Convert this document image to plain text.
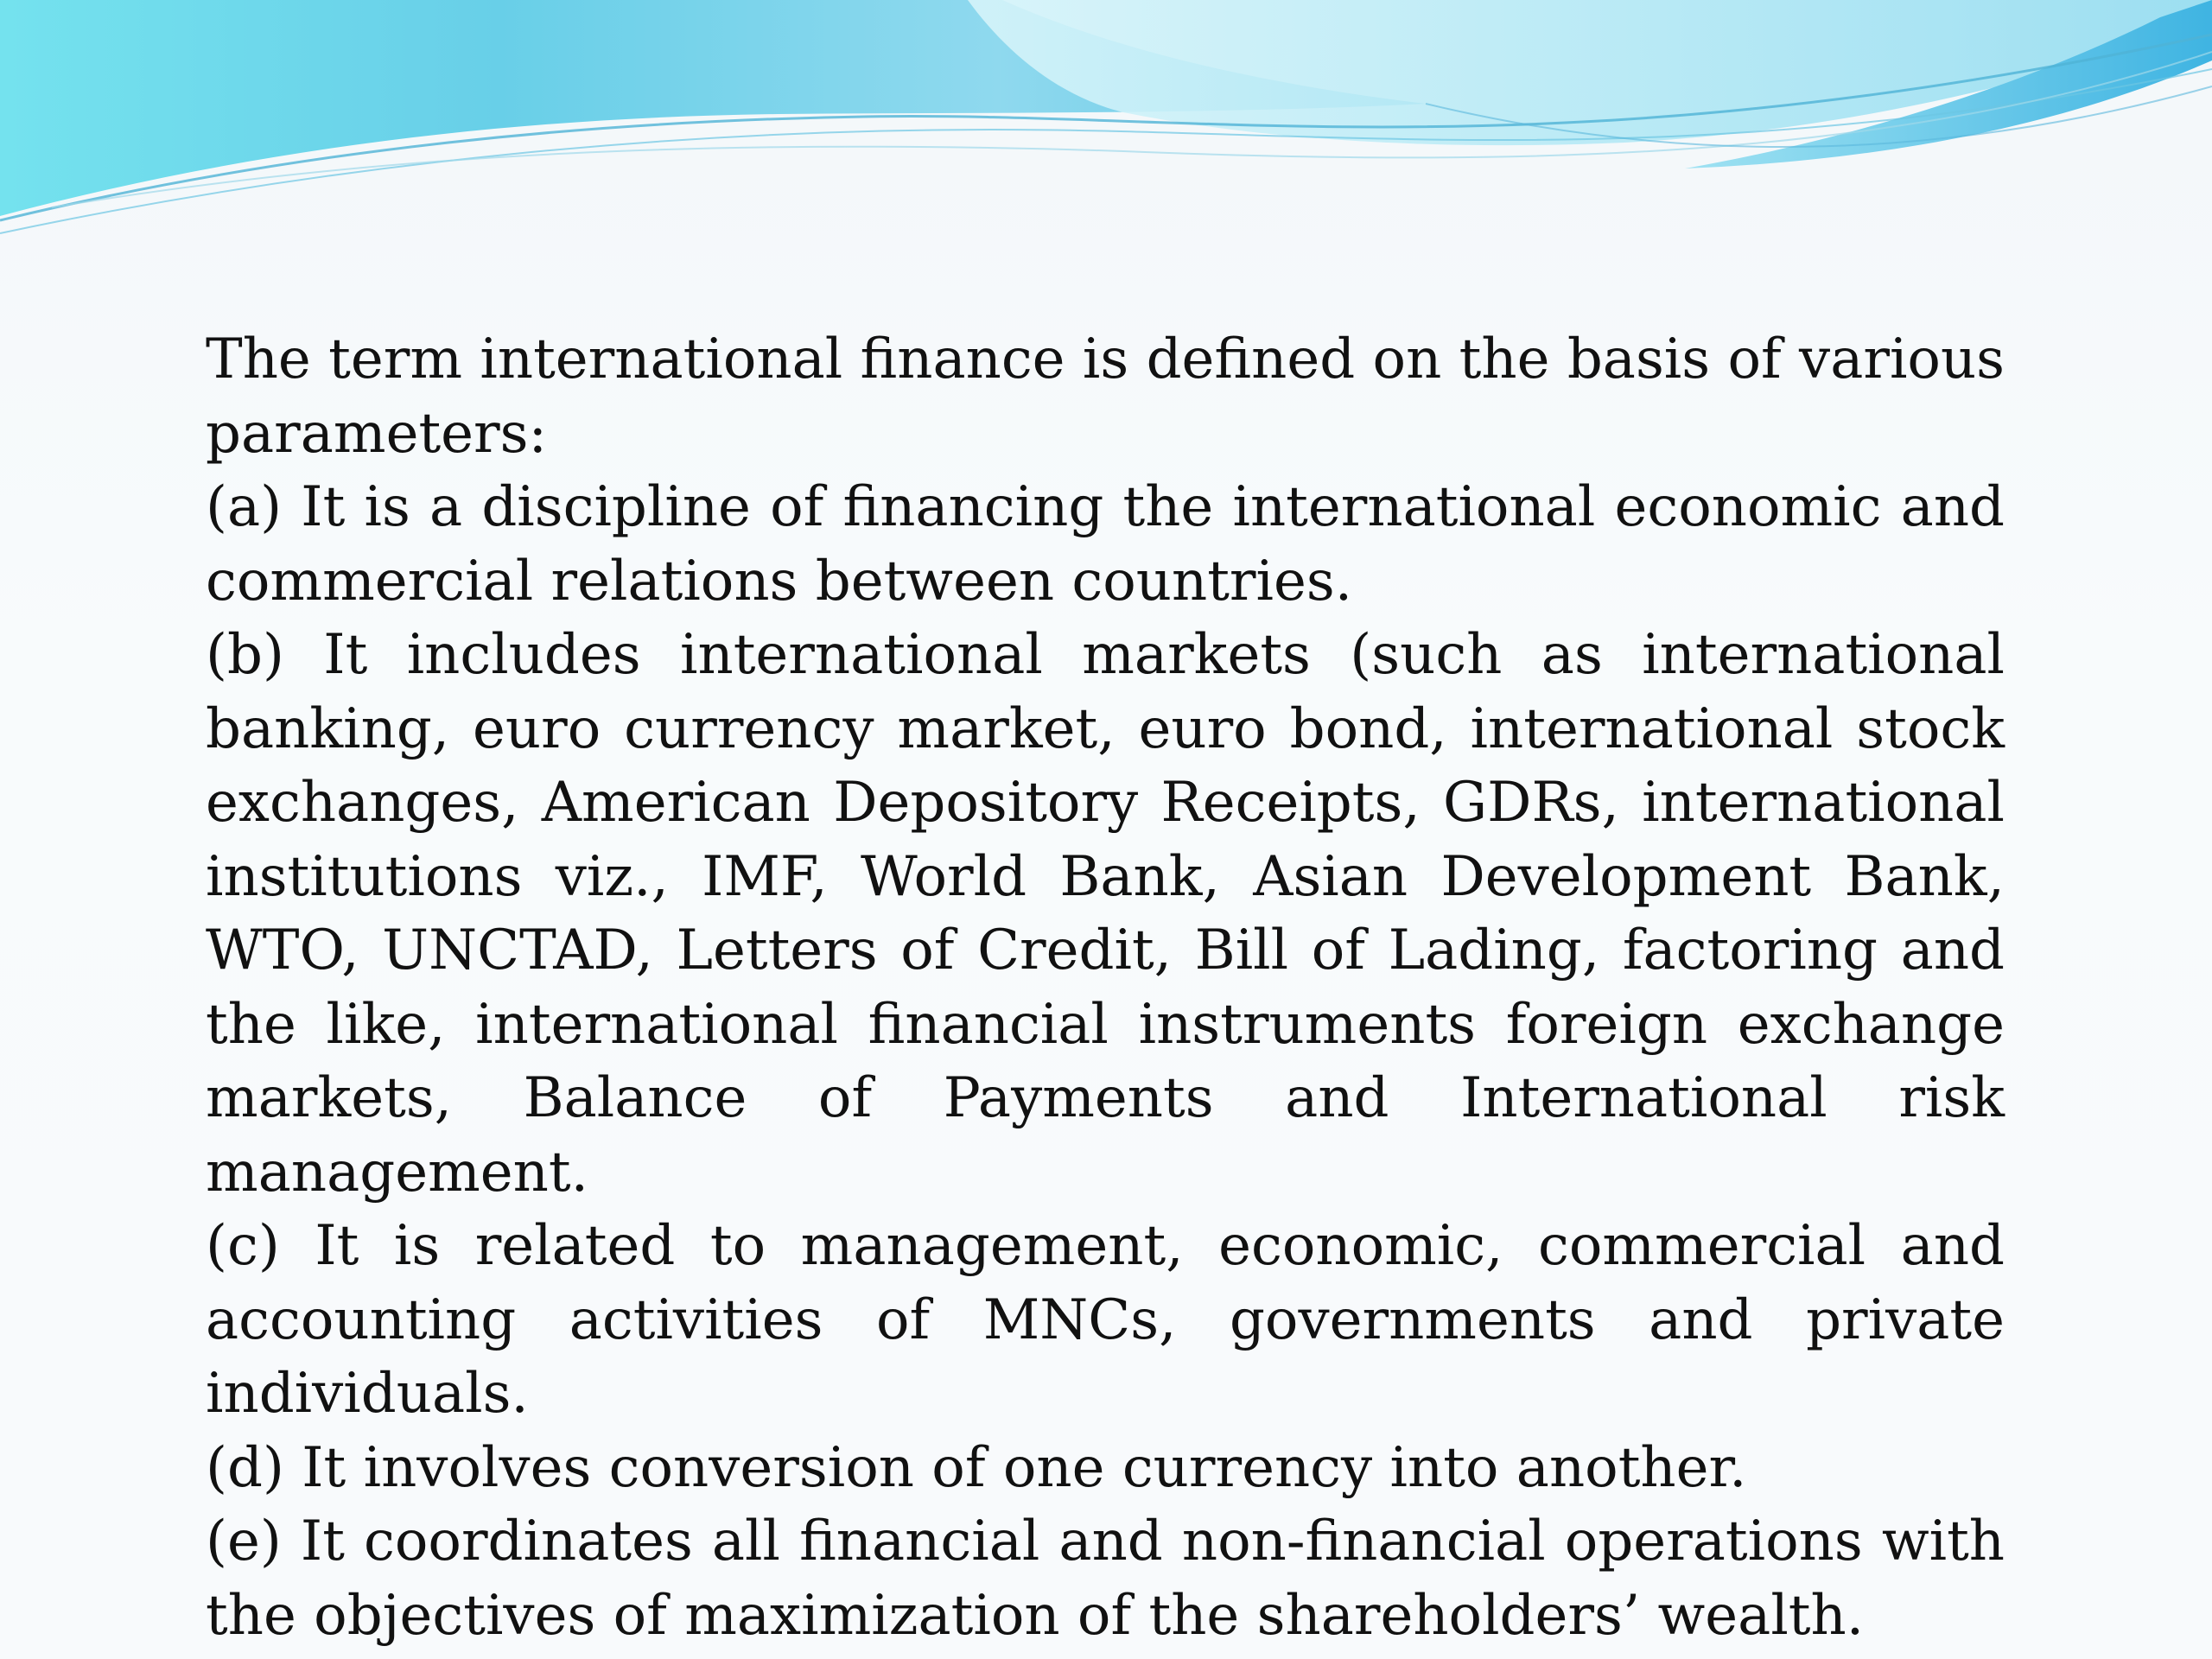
The term international finance is defined on the basis of various parameters:

(a) It is a discipline of financing the international economic and commercial relations between countries.

(b) It includes international markets (such as international banking, euro currency market, euro bond, international stock exchanges, American Depository Receipts, GDRs, international institutions viz., IMF, World Bank, Asian Development Bank, WTO, UNCTAD, Letters of Credit, Bill of Lading, factoring and the like, international financial instruments foreign exchange markets, Balance of Payments and International risk management.

(c) It is related to management, economic, commercial and accounting activities of MNCs, governments and private individuals.

(d) It involves conversion of one currency into another.

(e) It coordinates all financial and non-financial operations with the objectives of maximization of the shareholders’ wealth.
